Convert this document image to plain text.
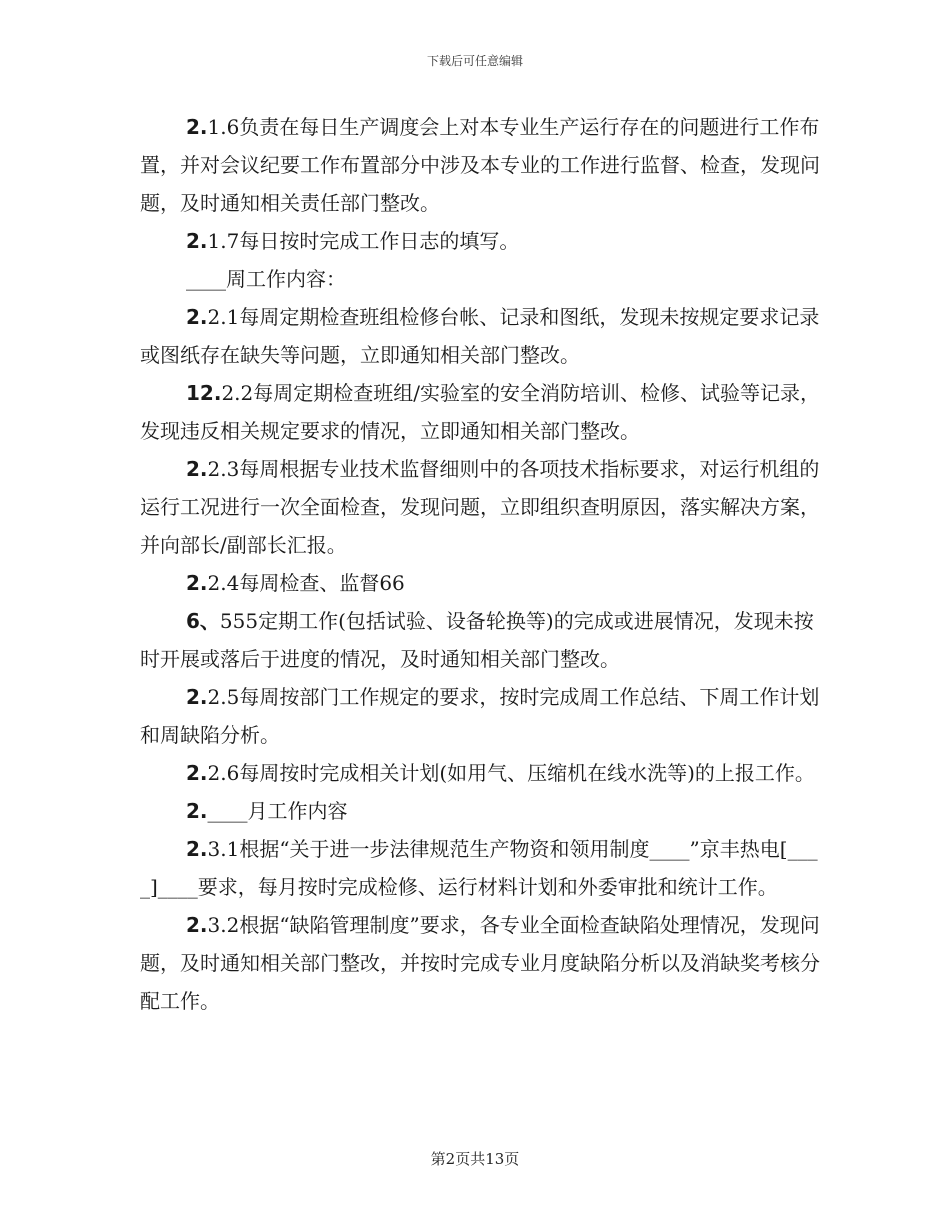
下载后可任意编辑

2.1.6负责在每日生产调度会上对本专业生产运行存在的问题进行工作布置，并对会议纪要工作布置部分中涉及本专业的工作进行监督、检查，发现问题，及时通知相关责任部门整改。

2.1.7每日按时完成工作日志的填写。

____周工作内容：

2.2.1每周定期检查班组检修台帐、记录和图纸，发现未按规定要求记录或图纸存在缺失等问题，立即通知相关部门整改。

12.2.2每周定期检查班组/实验室的安全消防培训、检修、试验等记录，发现违反相关规定要求的情况，立即通知相关部门整改。

2.2.3每周根据专业技术监督细则中的各项技术指标要求，对运行机组的运行工况进行一次全面检查，发现问题，立即组织查明原因，落实解决方案，并向部长/副部长汇报。

2.2.4每周检查、监督66

6、555定期工作(包括试验、设备轮换等)的完成或进展情况，发现未按时开展或落后于进度的情况，及时通知相关部门整改。

2.2.5每周按部门工作规定的要求，按时完成周工作总结、下周工作计划和周缺陷分析。

2.2.6每周按时完成相关计划(如用气、压缩机在线水洗等)的上报工作。

2.____月工作内容

2.3.1根据“关于进一步法律规范生产物资和领用制度____”京丰热电[____]____要求，每月按时完成检修、运行材料计划和外委审批和统计工作。

2.3.2根据“缺陷管理制度”要求，各专业全面检查缺陷处理情况，发现问题，及时通知相关部门整改，并按时完成专业月度缺陷分析以及消缺奖考核分配工作。

第2页共13页
